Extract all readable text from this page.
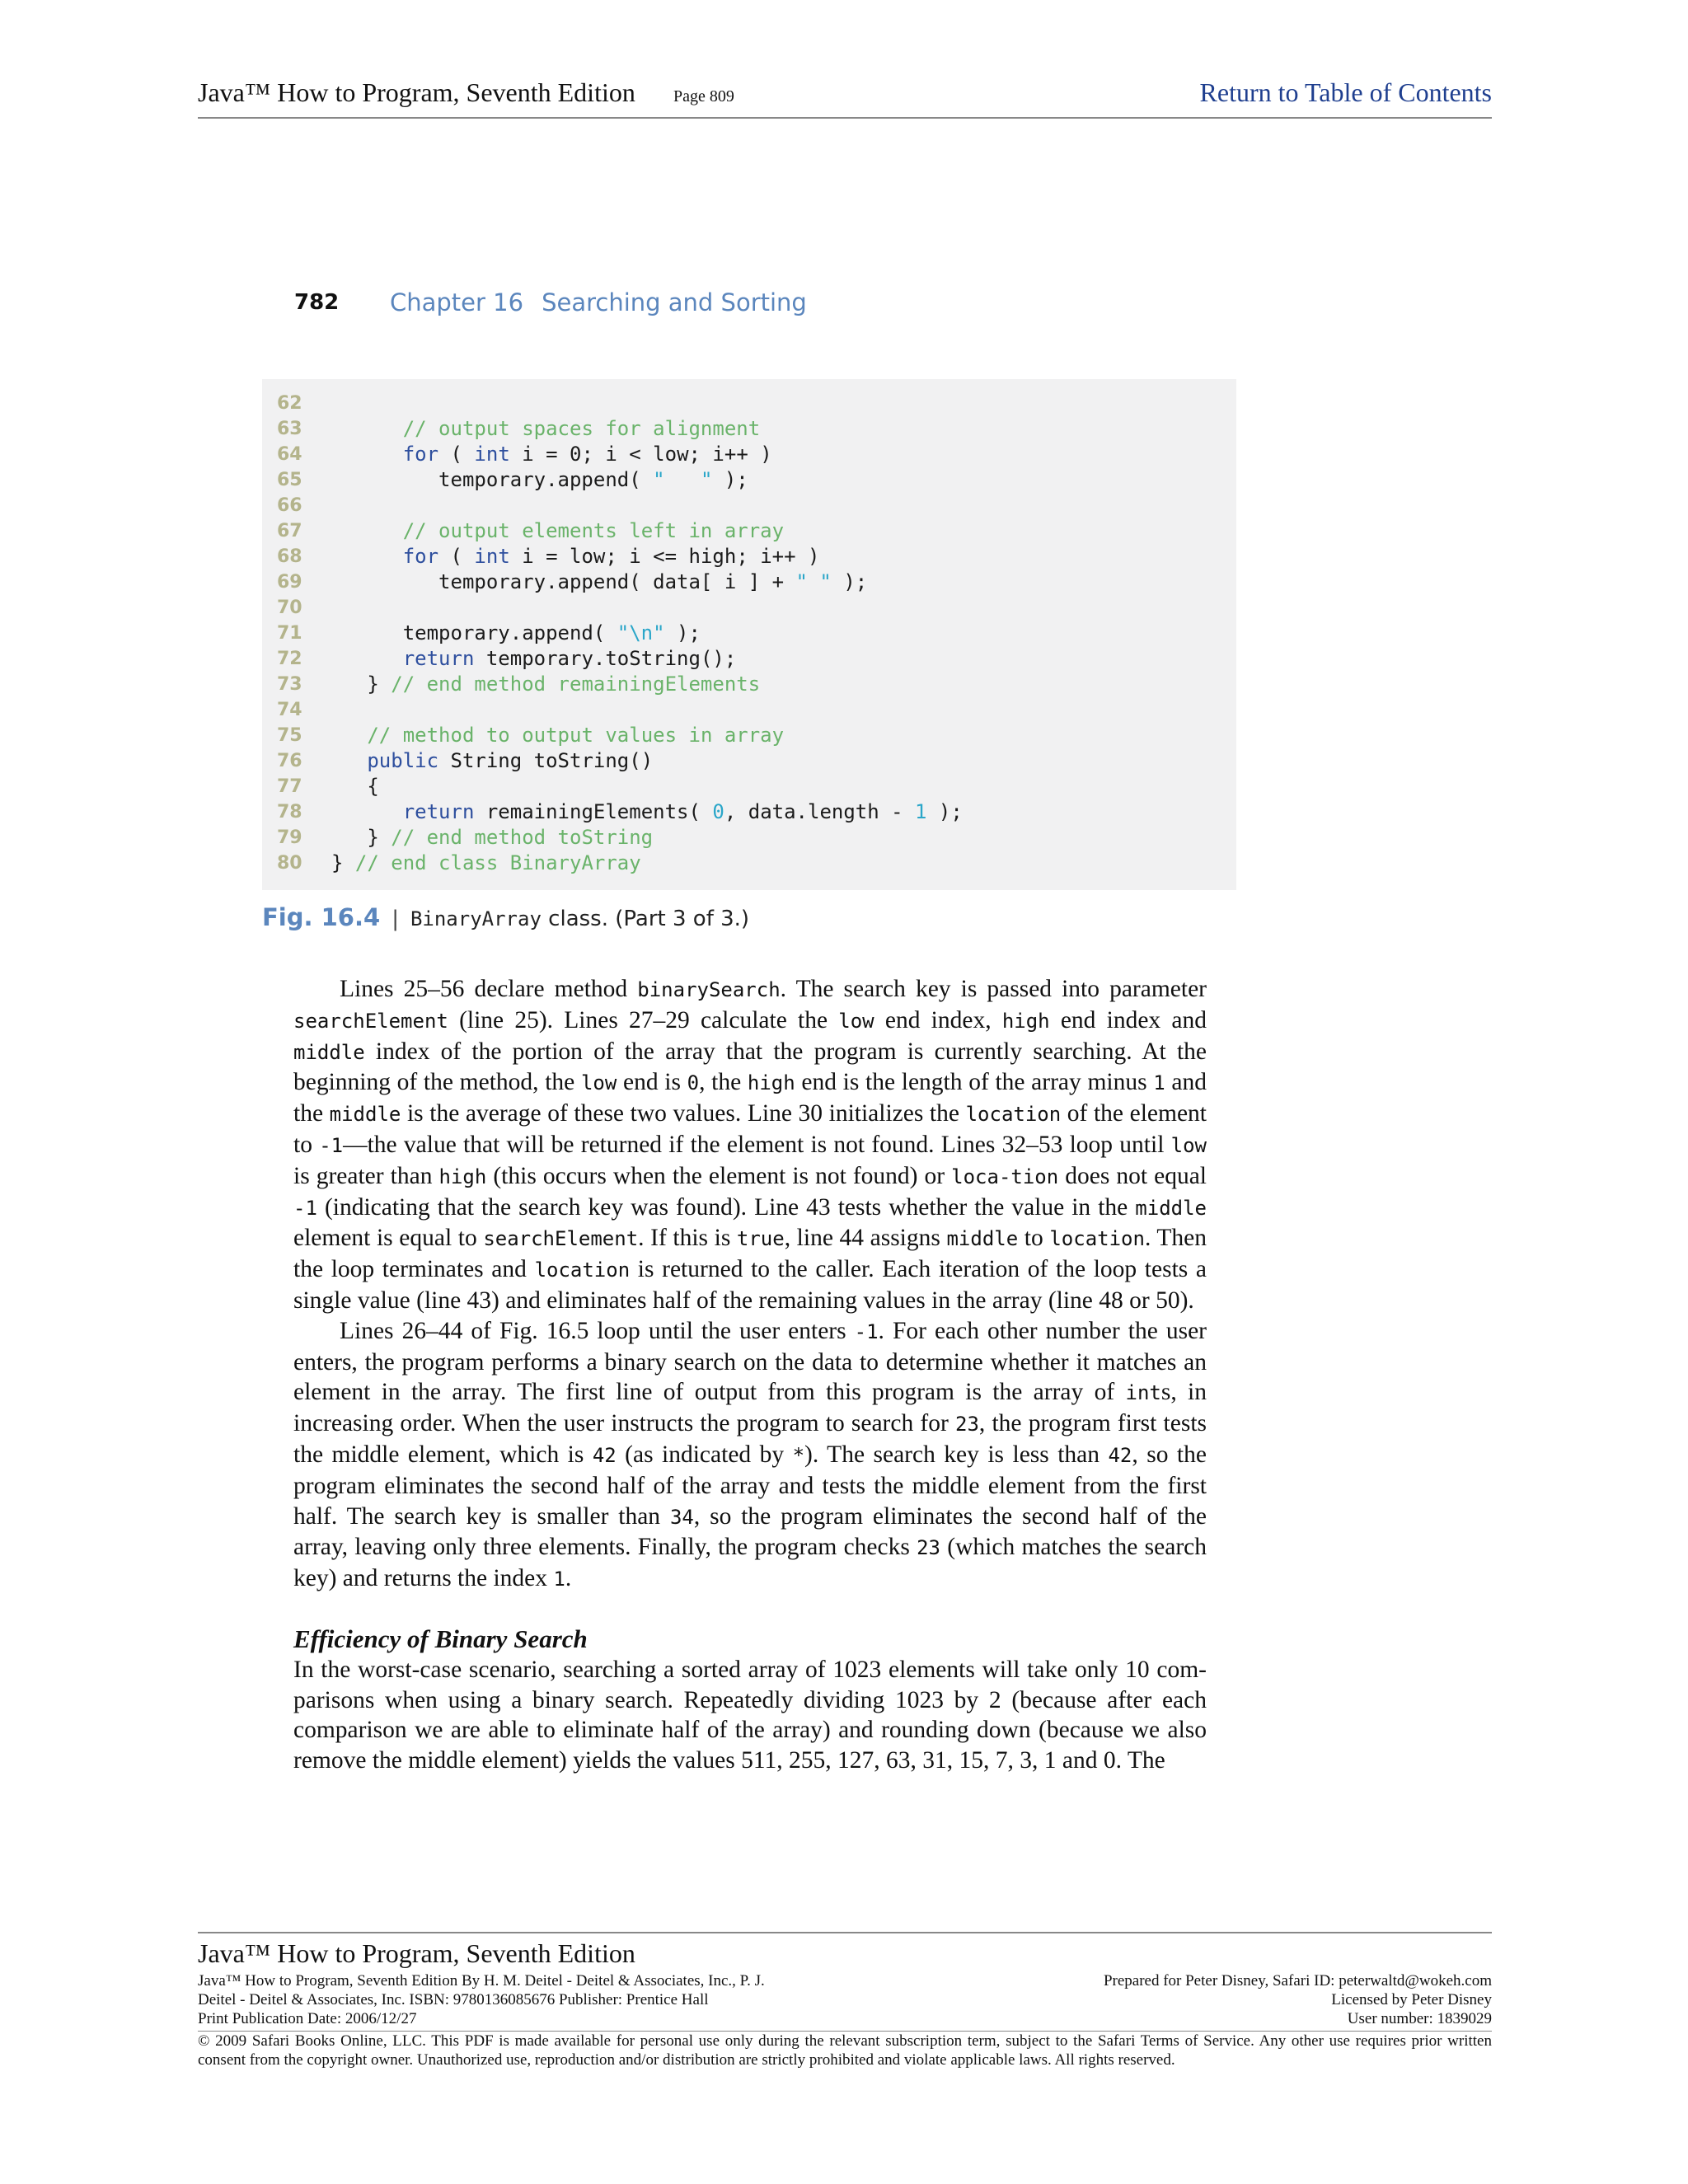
Java™ How to Program, Seventh Edition Page 809	Return to Table of Contents
782 Chapter 16 Searching and Sorting
62
63	// output spaces for alignment
64	for ( int i = 0; i < low; i++ )
65	temporary.append( "   " );
66
67	// output elements left in array
68	for ( int i = low; i <= high; i++ )
69	temporary.append( data[ i ] + " " );
70
71	temporary.append( "\n" );
72	return temporary.toString();
73	} // end method remainingElements
74
75	// method to output values in array
76	public String toString()
77	{
78	return remainingElements( 0, data.length - 1 );
79	} // end method toString
80	} // end class BinaryArray
Fig. 16.4 | BinaryArray class. (Part 3 of 3.)

Lines 25–56 declare method binarySearch. The search key is passed into parameter searchElement (line 25). Lines 27–29 calculate the low end index, high end index and middle index of the portion of the array that the program is currently searching. At the beginning of the method, the low end is 0, the high end is the length of the array minus 1 and the middle is the average of these two values. Line 30 initializes the location of the element to -1—the value that will be returned if the element is not found. Lines 32–53 loop until low is greater than high (this occurs when the element is not found) or loca-tion does not equal -1 (indicating that the search key was found). Line 43 tests whether the value in the middle element is equal to searchElement. If this is true, line 44 assigns middle to location. Then the loop terminates and location is returned to the caller. Each iteration of the loop tests a single value (line 43) and eliminates half of the remaining values in the array (line 48 or 50).

Lines 26–44 of Fig. 16.5 loop until the user enters -1. For each other number the user enters, the program performs a binary search on the data to determine whether it matches an element in the array. The first line of output from this program is the array of ints, in increasing order. When the user instructs the program to search for 23, the program first tests the middle element, which is 42 (as indicated by *). The search key is less than 42, so the program eliminates the second half of the array and tests the middle element from the first half. The search key is smaller than 34, so the program eliminates the second half of the array, leaving only three elements. Finally, the program checks 23 (which matches the search key) and returns the index 1.

Efficiency of Binary Search

In the worst-case scenario, searching a sorted array of 1023 elements will take only 10 com-parisons when using a binary search. Repeatedly dividing 1023 by 2 (because after each comparison we are able to eliminate half of the array) and rounding down (because we also remove the middle element) yields the values 511, 255, 127, 63, 31, 15, 7, 3, 1 and 0. The

Java™ How to Program, Seventh Edition
Java™ How to Program, Seventh Edition By H. M. Deitel - Deitel & Associates, Inc., P. J.	Prepared for Peter Disney, Safari ID: peterwaltd@wokeh.com
Deitel - Deitel & Associates, Inc. ISBN: 9780136085676 Publisher: Prentice Hall	Licensed by Peter Disney
Print Publication Date: 2006/12/27	User number: 1839029
© 2009 Safari Books Online, LLC. This PDF is made available for personal use only during the relevant subscription term, subject to the Safari Terms of Service. Any other use requires prior written consent from the copyright owner. Unauthorized use, reproduction and/or distribution are strictly prohibited and violate applicable laws. All rights reserved.
